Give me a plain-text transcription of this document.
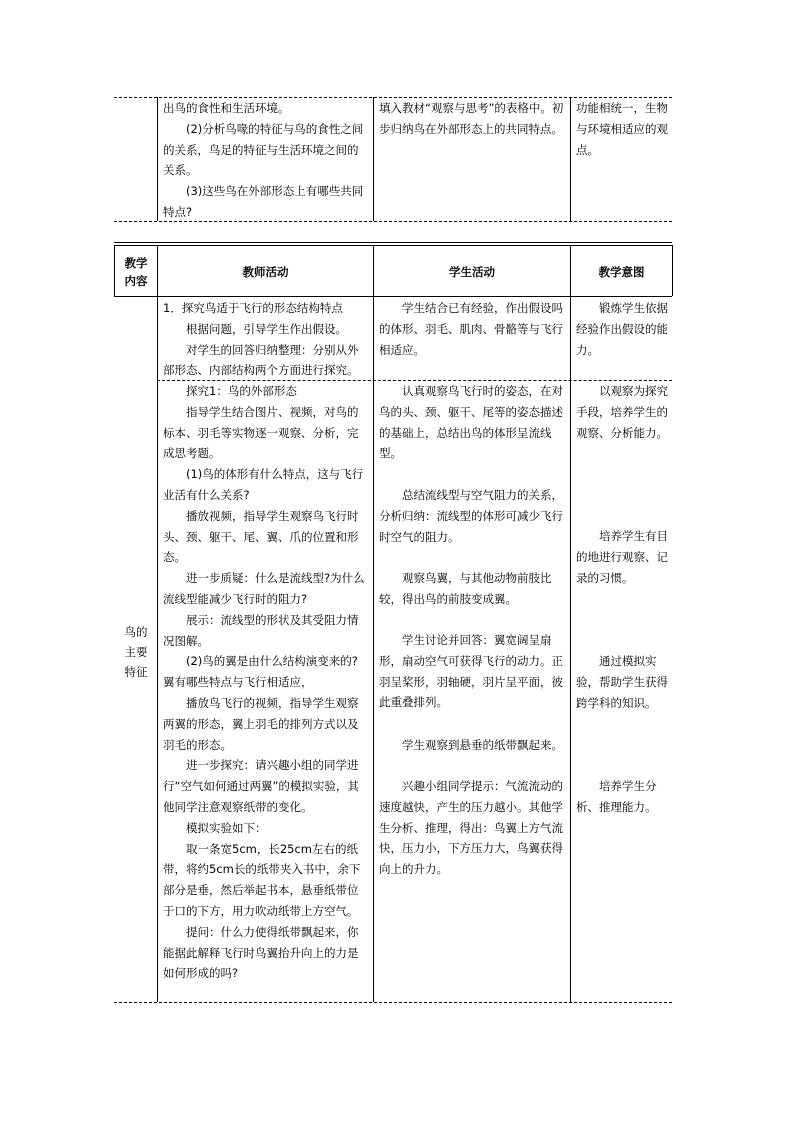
出鸟的食性和生活环境。
　　(2)分析鸟喙的特征与鸟的食性之间的关系，鸟足的特征与生活环境之间的关系。
　　(3)这些鸟在外部形态上有哪些共同特点?
填入教材“观察与思考”的表格中。初步归纳鸟在外部形态上的共同特点。
功能相统一，生物与环境相适应的观点。
教学
内容
教师活动	学生活动	教学意图
鸟的
主要
特征
1．探究鸟适于飞行的形态结构特点
　　根据问题，引导学生作出假设。
　　对学生的回答归纳整理：分别从外部形态、内部结构两个方面进行探究。
　　学生结合已有经验，作出假设吗的体形、羽毛、肌肉、骨骼等与飞行相适应。
　　锻炼学生依据经验作出假设的能力。
　　探究1：鸟的外部形态
　　指导学生结合图片、视频，对鸟的标本、羽毛等实物逐一观察、分析，完成思考题。
　　(1)鸟的体形有什么特点，这与飞行业活有什么关系?
　　播放视频，指导学生观察鸟飞行时头、颈、躯干、尾、翼、爪的位置和形态。
　　进一步质疑：什么是流线型?为什么流线型能减少飞行时的阻力?
　　展示：流线型的形状及其受阻力情况图解。
　　(2)鸟的翼是由什么结构演变来的?翼有哪些特点与飞行相适应，
　　播放鸟飞行的视频，指导学生观察两翼的形态，翼上羽毛的排列方式以及羽毛的形态。
　　进一步探究：请兴趣小组的同学进行“空气如何通过两翼”的模拟实验，其他同学注意观察纸带的变化。
　　模拟实验如下：
　　取一条宽5cm，长25cm左右的纸带，将约5cm长的纸带夹入书中，余下部分是垂，然后举起书本，悬垂纸带位于口的下方，用力吹动纸带上方空气。
　　提问：什么力使得纸带飘起来，你能据此解释飞行时鸟翼抬升向上的力是如何形成的吗?
　　认真观察鸟飞行时的姿态，在对鸟的头、颈、躯干、尾等的姿态描述的基础上，总结出鸟的体形呈流线型。
　　总结流线型与空气阻力的关系，分析归纳：流线型的体形可减少飞行时空气的阻力。
　　观察鸟翼，与其他动物前肢比较，得出鸟的前肢变成翼。
　　学生讨论并回答：翼宽阔呈扇形，扇动空气可获得飞行的动力。正羽呈桨形，羽轴硬，羽片呈平面，彼此重叠排列。
　　学生观察到悬垂的纸带飘起来。
　　兴趣小组同学提示：气流流动的速度越快，产生的压力越小。其他学生分析、推理，得出：鸟翼上方气流快，压力小，下方压力大，鸟翼获得向上的升力。
　　以观察为探究手段，培养学生的观察、分析能力。
　　培养学生有目的地进行观察、记录的习惯。
　　通过模拟实验，帮助学生获得跨学科的知识。
　　培养学生分析、推理能力。
